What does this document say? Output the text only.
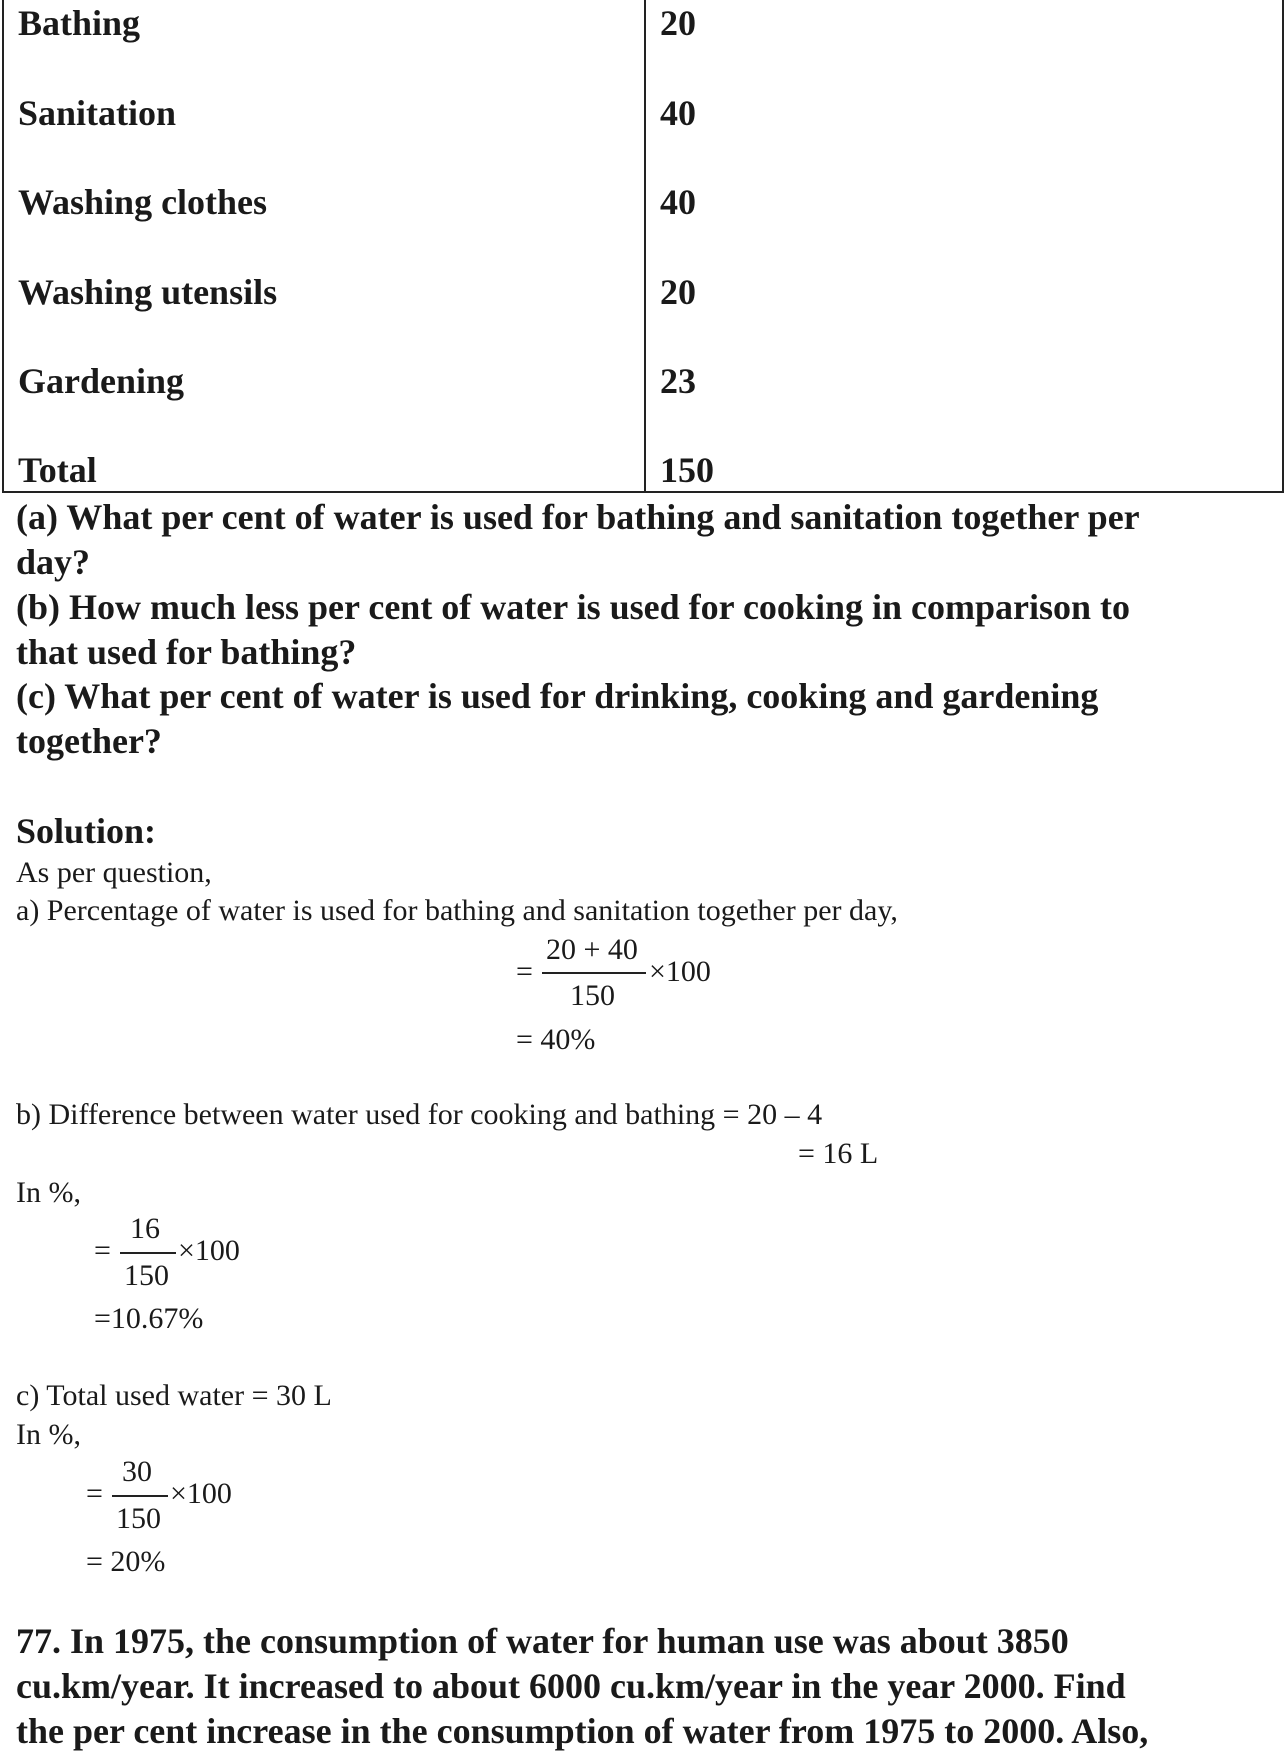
Bathing	20
Sanitation	40
Washing clothes	40
Washing utensils	20
Gardening	23
Total	150
(a) What per cent of water is used for bathing and sanitation together per
day?
(b) How much less per cent of water is used for cooking in comparison to
that used for bathing?
(c) What per cent of water is used for drinking, cooking and gardening
together?
Solution:
As per question,
a) Percentage of water is used for bathing and sanitation together per day,
=
20 + 40
150
×100
= 40%
b) Difference between water used for cooking and bathing = 20 – 4
= 16 L
In %,
=
16
150
×100
=10.67%
c) Total used water = 30 L
In %,
=
30
150
×100
= 20%
77. In 1975, the consumption of water for human use was about 3850
cu.km/year. It increased to about 6000 cu.km/year in the year 2000. Find
the per cent increase in the consumption of water from 1975 to 2000. Also,
